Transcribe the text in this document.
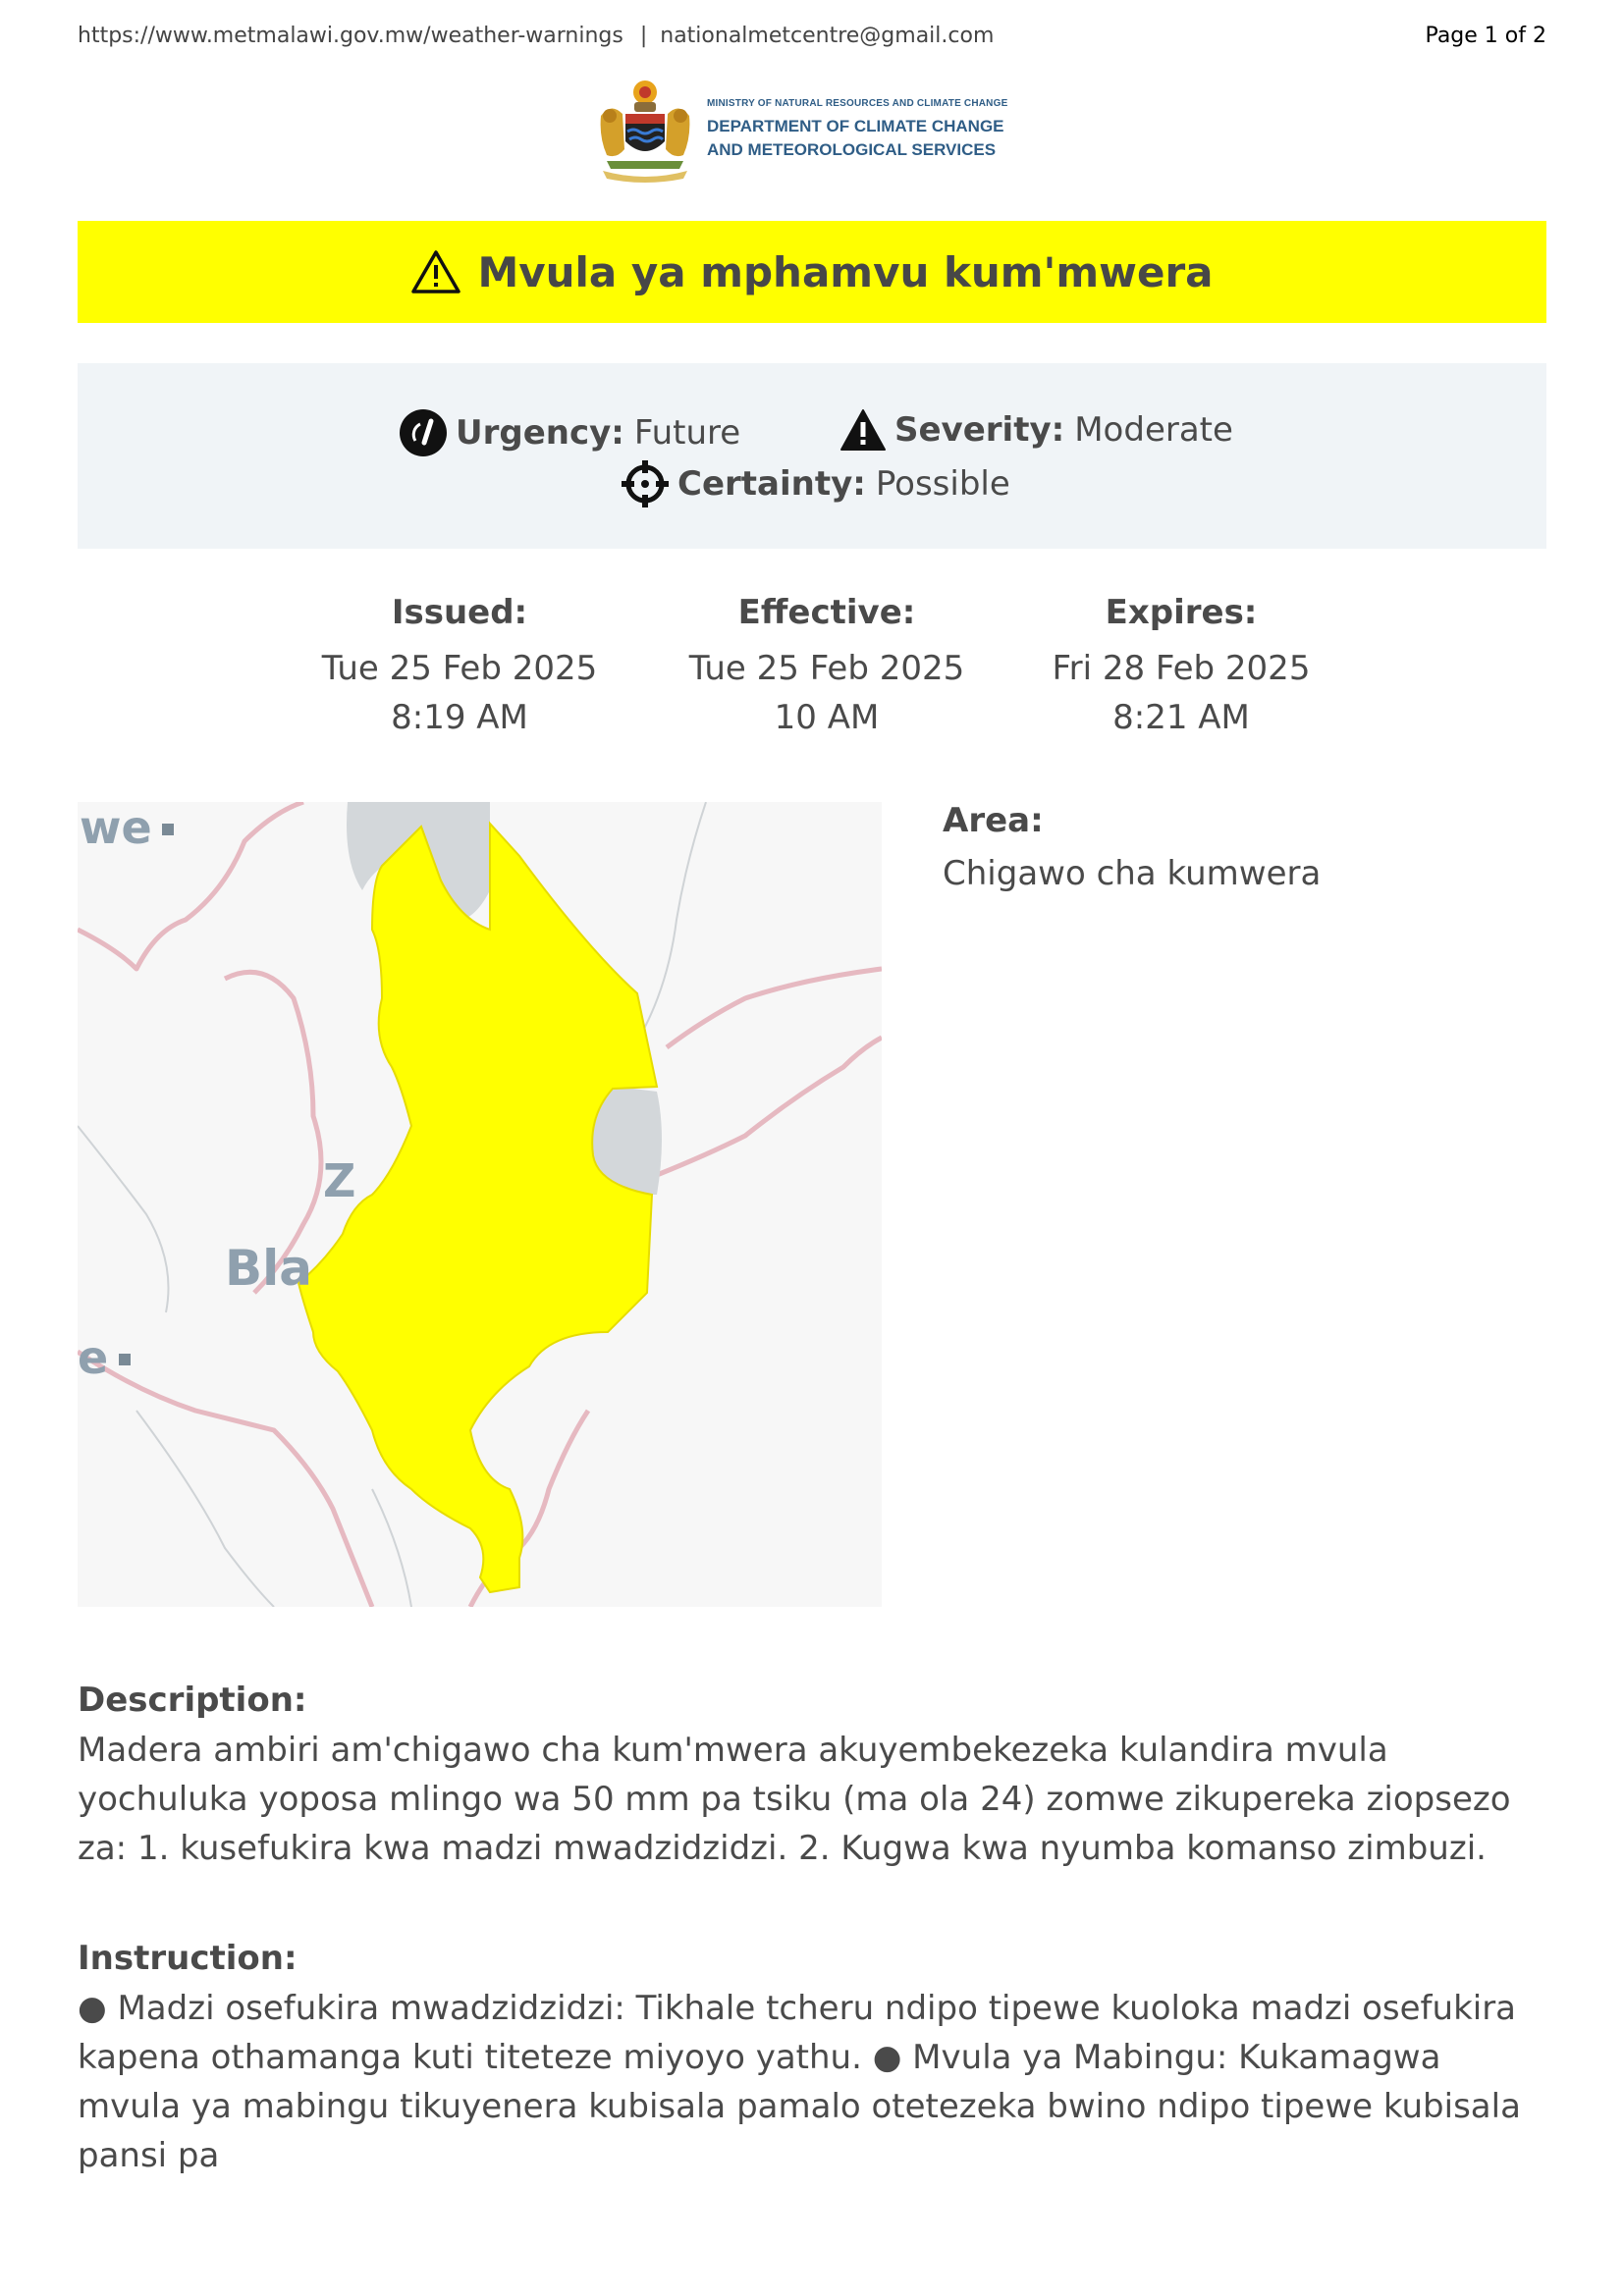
https://www.metmalawi.gov.mw/weather-warnings | nationalmetcentre@gmail.com	Page 1 of 2
MINISTRY OF NATURAL RESOURCES AND CLIMATE CHANGE
DEPARTMENT OF CLIMATE CHANGE
AND METEOROLOGICAL SERVICES
Mvula ya mphamvu kum'mwera
Urgency: Future	Severity: Moderate
Certainty: Possible
Issued:
Tue 25 Feb 2025
8:19 AM
Effective:
Tue 25 Feb 2025
10 AM
Expires:
Fri 28 Feb 2025
8:21 AM
we
Z
Bla
e
Area:
Chigawo cha kumwera
Description:
Madera ambiri am'chigawo cha kum'mwera akuyembekezeka kulandira mvula yochuluka yoposa mlingo wa 50 mm pa tsiku (ma ola 24) zomwe zikupereka ziopsezo za: 1. kusefukira kwa madzi mwadzidzidzi. 2. Kugwa kwa nyumba komanso zimbuzi.
Instruction:
● Madzi osefukira mwadzidzidzi: Tikhale tcheru ndipo tipewe kuoloka madzi osefukira kapena othamanga kuti titeteze miyoyo yathu. ● Mvula ya Mabingu: Kukamagwa mvula ya mabingu tikuyenera kubisala pamalo otetezeka bwino ndipo tipewe kubisala pansi pa
